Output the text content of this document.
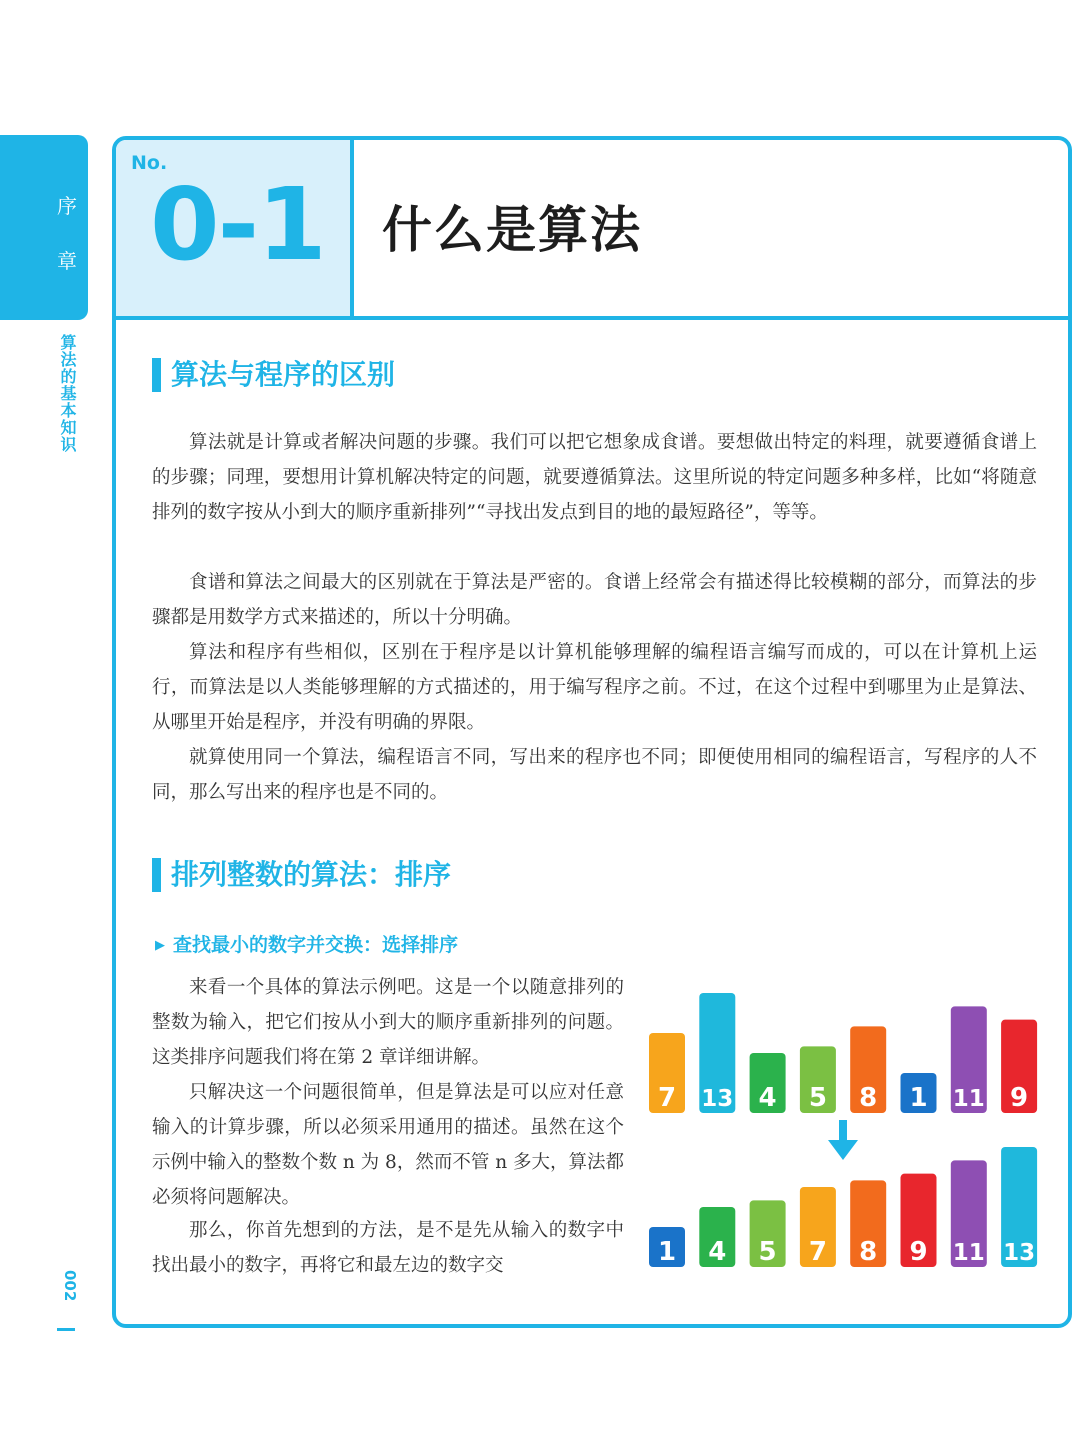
序
章
算法的基本知识
002
No.
0-1 什么是算法
算法与程序的区别
算法就是计算或者解决问题的步骤。我们可以把它想象成食谱。要想做出特定的料理，就要遵循食谱上的步骤；同理，要想用计算机解决特定的问题，就要遵循算法。这里所说的特定问题多种多样，比如“将随意排列的数字按从小到大的顺序重新排列”“寻找出发点到目的地的最短路径”，等等。
食谱和算法之间最大的区别就在于算法是严密的。食谱上经常会有描述得比较模糊的部分，而算法的步骤都是用数学方式来描述的，所以十分明确。
算法和程序有些相似，区别在于程序是以计算机能够理解的编程语言编写而成的，可以在计算机上运行，而算法是以人类能够理解的方式描述的，用于编写程序之前。不过，在这个过程中到哪里为止是算法、从哪里开始是程序，并没有明确的界限。
就算使用同一个算法，编程语言不同，写出来的程序也不同；即便使用相同的编程语言，写程序的人不同，那么写出来的程序也是不同的。
排列整数的算法：排序
▶ 查找最小的数字并交换：选择排序
来看一个具体的算法示例吧。这是一个以随意排列的整数为输入，把它们按从小到大的顺序重新排列的问题。这类排序问题我们将在第 2 章详细讲解。
只解决这一个问题很简单，但是算法是可以应对任意输入的计算步骤，所以必须采用通用的描述。虽然在这个示例中输入的整数个数 n 为 8，然而不管 n 多大，算法都必须将问题解决。
那么，你首先想到的方法，是不是先从输入的数字中找出最小的数字，再将它和最左边的数字交
7 13 4 5 8 1 11 9
1 4 5 7 8 9 11 13
